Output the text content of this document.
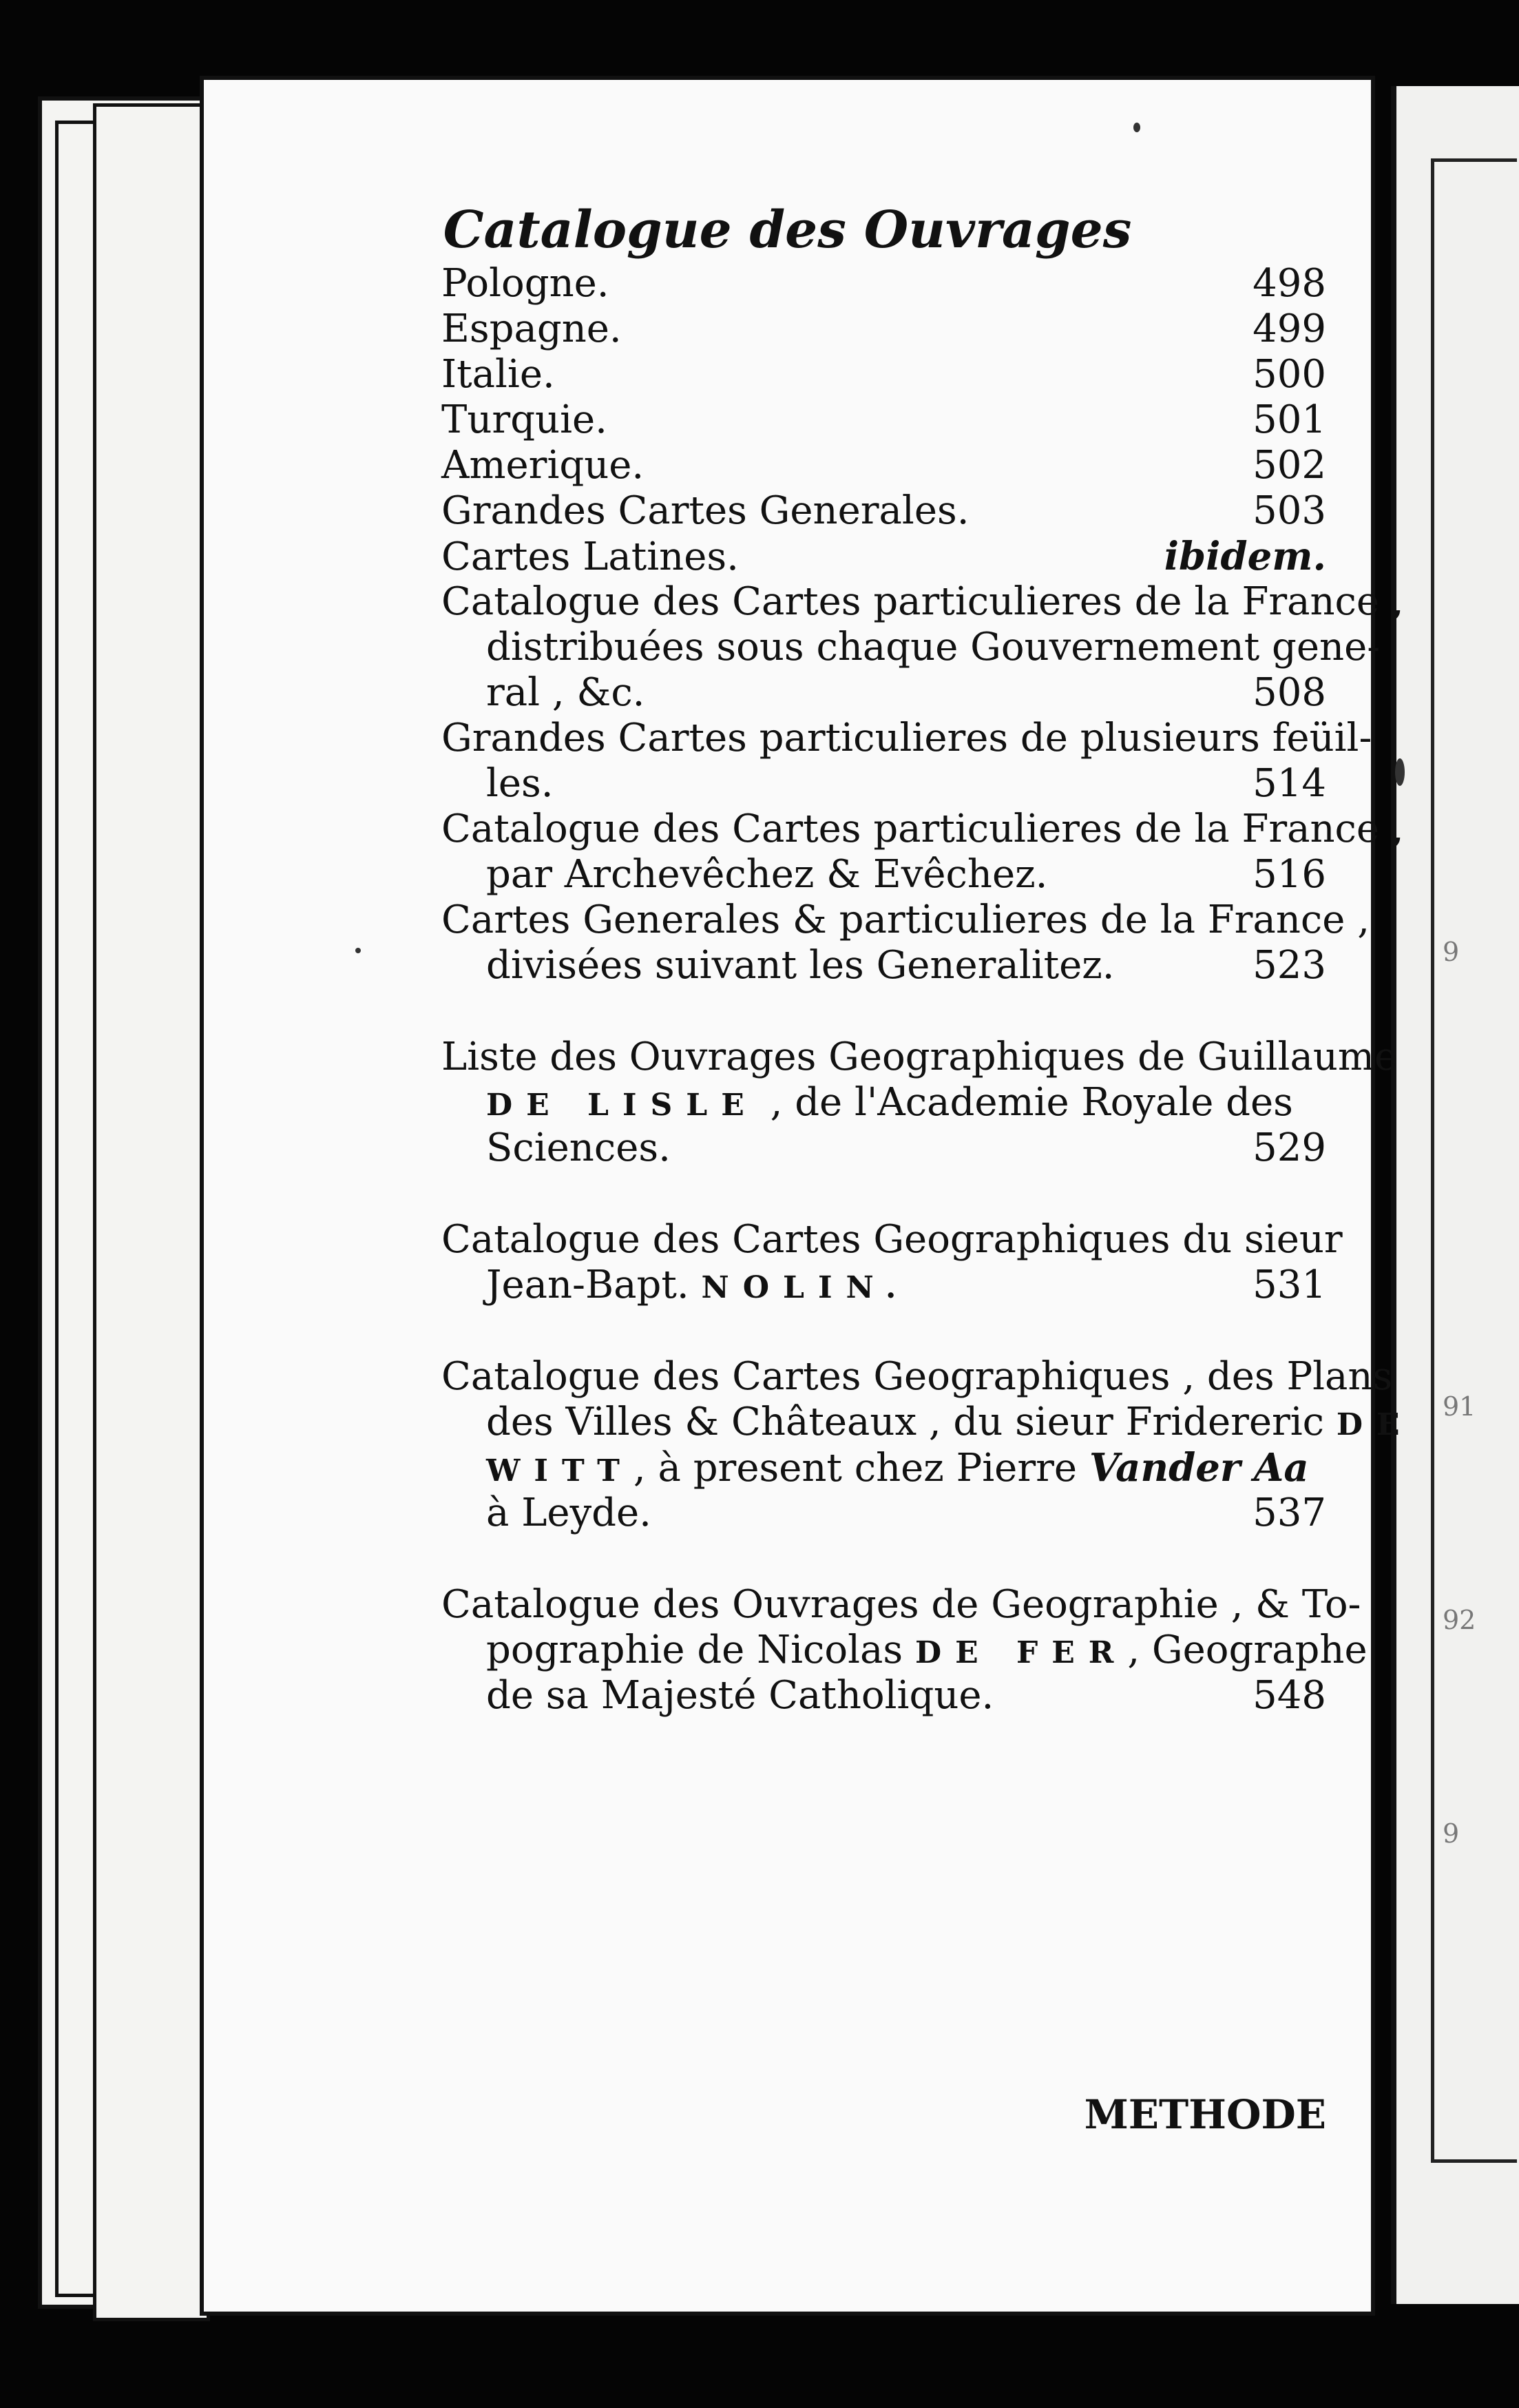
9
91
92
9
Catalogue des Ouvrages
Pologne.	498
Espagne.	499
Italie.	500
Turquie.	501
Amerique.	502
Grandes Cartes Generales.	503
Cartes Latines.	ibidem.
Catalogue des Cartes particulieres de la France ,
distribuées sous chaque Gouvernement gene-
ral , &c.	508
Grandes Cartes particulieres de plusieurs feüil-
les.	514
Catalogue des Cartes particulieres de la France ,
par Archevêchez & Evêchez.	516
Cartes Generales & particulieres de la France ,
divisées suivant les Generalitez.	523
Liste des Ouvrages Geographiques de Guillaume
DE LISLE , de l'Academie Royale des
Sciences.	529
Catalogue des Cartes Geographiques du sieur
Jean-Bapt. NOLIN.	531
Catalogue des Cartes Geographiques , des Plans
des Villes & Châteaux , du sieur Fridereric DE
WITT, à present chez Pierre Vander Aa
à Leyde.	537
Catalogue des Ouvrages de Geographie , & To-
pographie de Nicolas DE FER, Geographe
de sa Majesté Catholique.	548
METHODE
